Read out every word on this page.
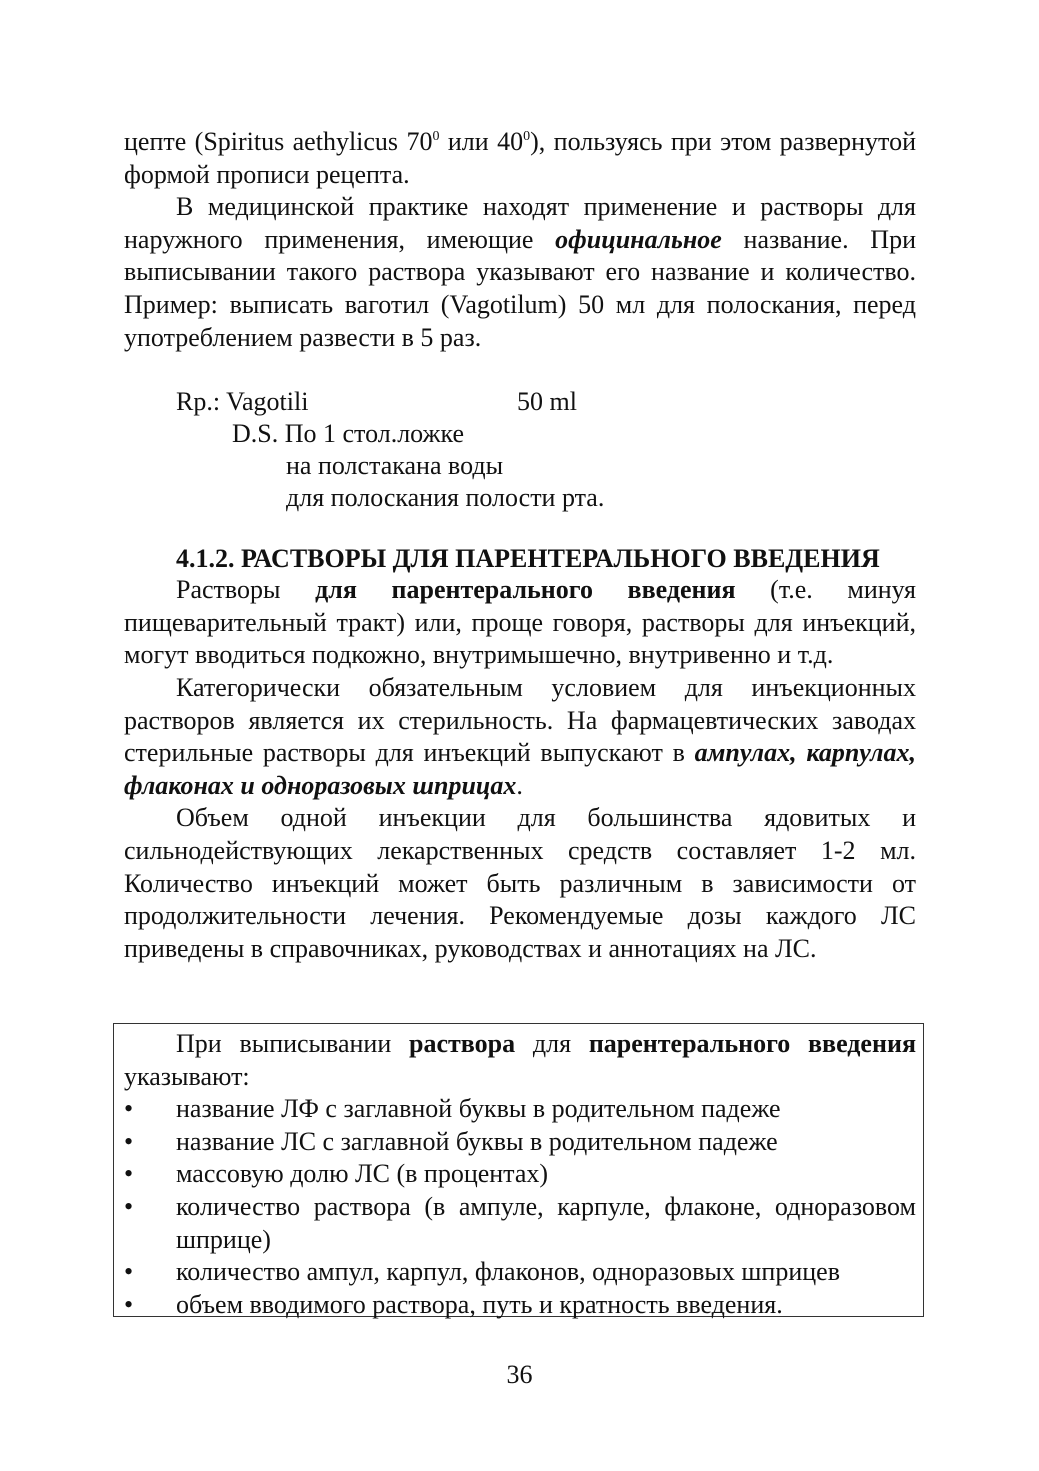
цепте (Spiritus aethylicus $70^0$ или $40^0$), пользуясь при этом развернутой формой прописи рецепта.

В медицинской практике находят применение и растворы для наружного применения, имеющие официнальное название. При выписывании такого раствора указывают его название и количество. Пример: выписать ваготил (Vagotilum) 50 мл для полоскания, перед употреблением развести в 5 раз.

Rp.: Vagotili	50 ml
D.S. По 1 стол.ложке
на полстакана воды
для полоскания полости рта.

4.1.2. РАСТВОРЫ ДЛЯ ПАРЕНТЕРАЛЬНОГО ВВЕДЕНИЯ

Растворы для парентерального введения (т.е. минуя пищеварительный тракт) или, проще говоря, растворы для инъекций, могут вводиться подкожно, внутримышечно, внутривенно и т.д.

Категорически обязательным условием для инъекционных растворов является их стерильность. На фармацевтических заводах стерильные растворы для инъекций выпускают в ампулах, карпулах, флаконах и одноразовых шприцах.

Объем одной инъекции для большинства ядовитых и сильнодействующих лекарственных средств составляет 1-2 мл. Количество инъекций может быть различным в зависимости от продолжительности лечения. Рекомендуемые дозы каждого ЛС приведены в справочниках, руководствах и аннотациях на ЛС.

При выписывании раствора для парентерального введения указывают:

• название ЛФ с заглавной буквы в родительном падеже
• название ЛС с заглавной буквы в родительном падеже
• массовую долю ЛС (в процентах)
• количество раствора (в ампуле, карпуле, флаконе, одноразовом шприце)
• количество ампул, карпул, флаконов, одноразовых шприцев
• объем вводимого раствора, путь и кратность введения.
36
